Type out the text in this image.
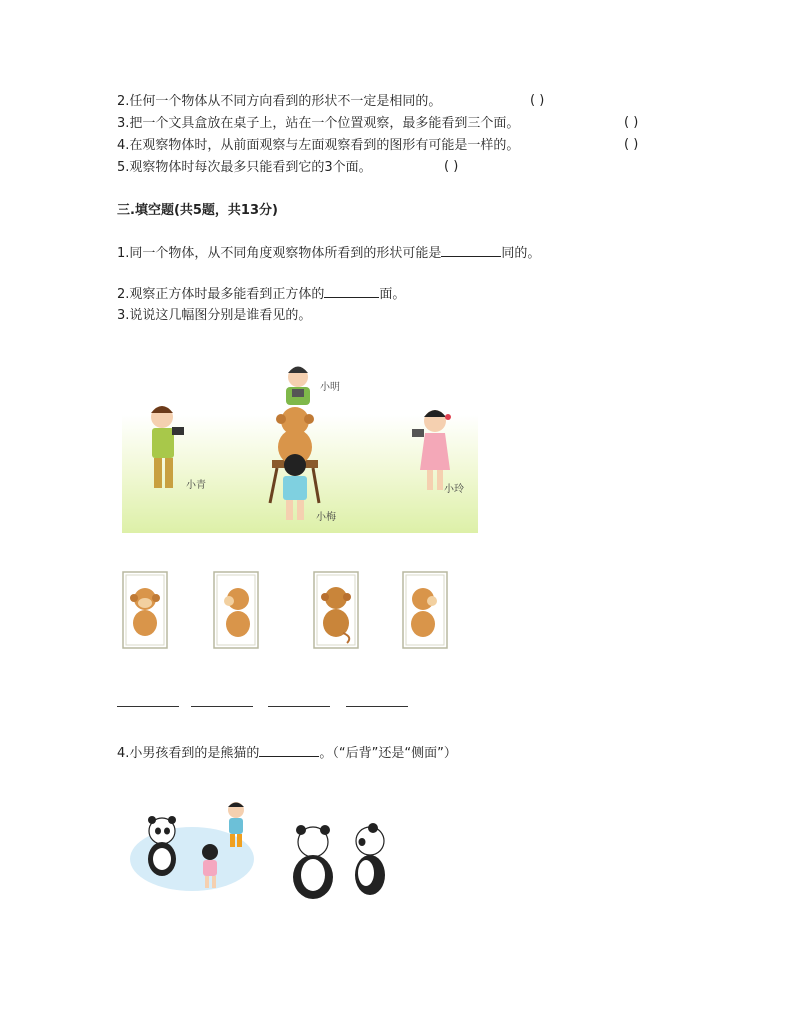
2.任何一个物体从不同方向看到的形状不一定是相同的。	( )
3.把一个文具盒放在桌子上，站在一个位置观察，最多能看到三个面。	( )
4.在观察物体时，从前面观察与左面观察看到的图形有可能是一样的。	( )
5.观察物体时每次最多只能看到它的3个面。	( )
三.填空题(共5题，共13分)
1.同一个物体，从不同角度观察物体所看到的形状可能是	同的。
2.观察正方体时最多能看到正方体的	面。
3.说说这几幅图分别是谁看见的。
小明
小青	小玲
小梅
4.小男孩看到的是熊猫的	。（“后背”还是“侧面”）
